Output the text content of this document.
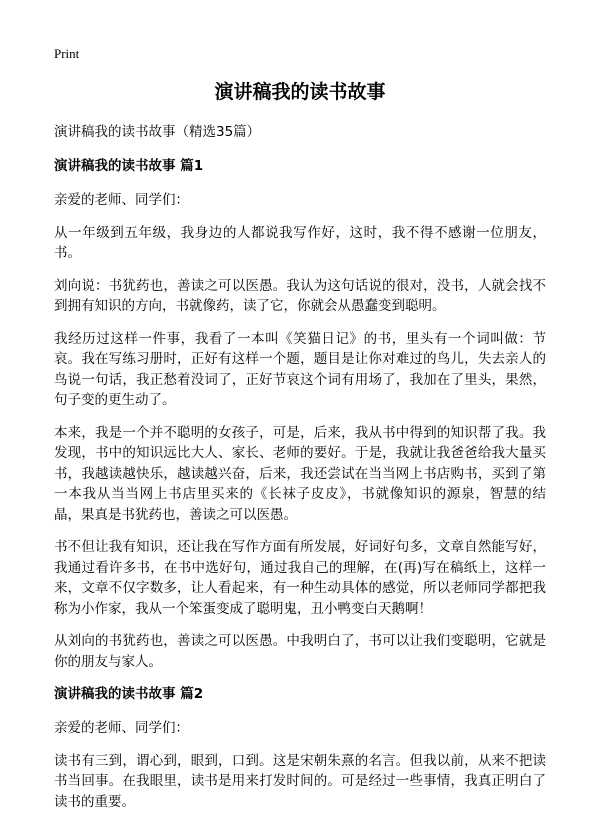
Print
演讲稿我的读书故事

演讲稿我的读书故事（精选35篇）

演讲稿我的读书故事 篇1

亲爱的老师、同学们：

从一年级到五年级，我身边的人都说我写作好，这时，我不得不感谢一位朋友，书。

刘向说：书犹药也，善读之可以医愚。我认为这句话说的很对，没书，人就会找不到拥有知识的方向，书就像药，读了它，你就会从愚蠢变到聪明。

我经历过这样一件事，我看了一本叫《笑猫日记》的书，里头有一个词叫做：节哀。我在写练习册时，正好有这样一个题，题目是让你对难过的鸟儿，失去亲人的鸟说一句话，我正愁着没词了，正好节哀这个词有用场了，我加在了里头，果然，句子变的更生动了。

本来，我是一个并不聪明的女孩子，可是，后来，我从书中得到的知识帮了我。我发现，书中的知识远比大人、家长、老师的要好。于是，我就让我爸爸给我大量买书，我越读越快乐，越读越兴奋，后来，我还尝试在当当网上书店购书，买到了第一本我从当当网上书店里买来的《长袜子皮皮》，书就像知识的源泉，智慧的结晶，果真是书犹药也，善读之可以医愚。

书不但让我有知识，还让我在写作方面有所发展，好词好句多，文章自然能写好，我通过看许多书，在书中选好句，通过我自己的理解，在(再)写在稿纸上，这样一来，文章不仅字数多，让人看起来，有一种生动具体的感觉，所以老师同学都把我称为小作家，我从一个笨蛋变成了聪明鬼，丑小鸭变白天鹅啊！

从刘向的书犹药也，善读之可以医愚。中我明白了，书可以让我们变聪明，它就是你的朋友与家人。

演讲稿我的读书故事 篇2

亲爱的老师、同学们：

读书有三到，谓心到，眼到，口到。这是宋朝朱熹的名言。但我以前，从来不把读书当回事。在我眼里，读书是用来打发时间的。可是经过一些事情，我真正明白了读书的重要。
